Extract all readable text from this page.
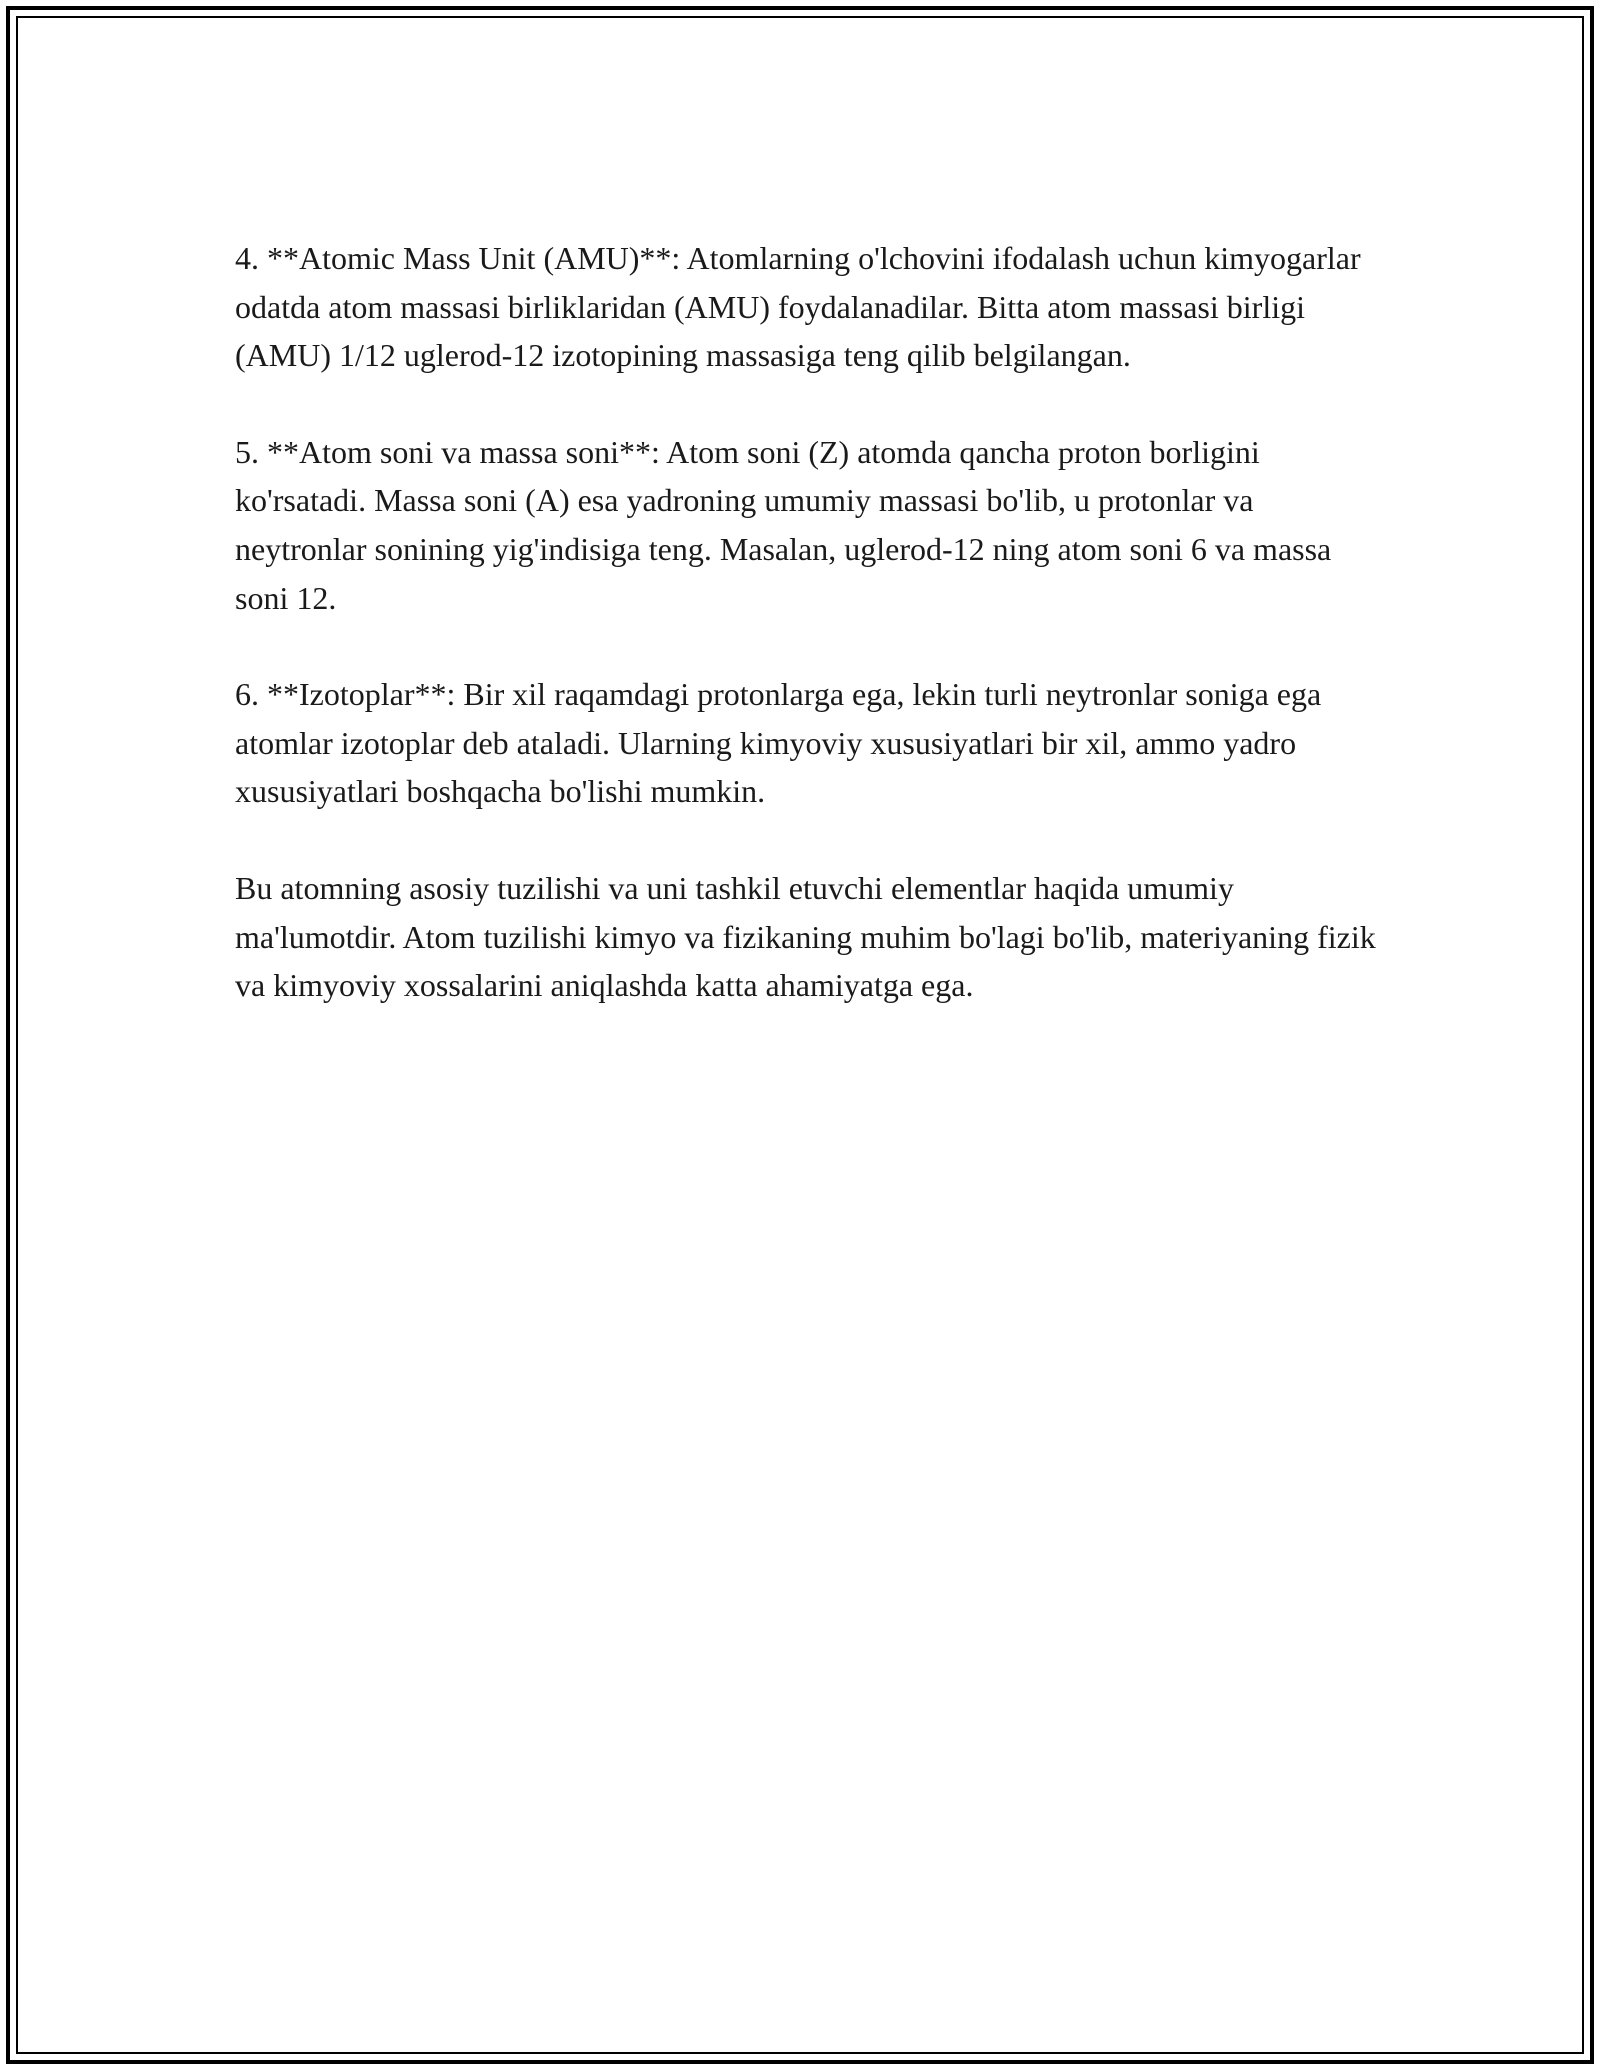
4. **Atomic Mass Unit (AMU)**: Atomlarning o'lchovini ifodalash uchun kimyogarlar odatda atom massasi birliklaridan (AMU) foydalanadilar. Bitta atom massasi birligi (AMU) 1/12 uglerod-12 izotopining massasiga teng qilib belgilangan.

5. **Atom soni va massa soni**: Atom soni (Z) atomda qancha proton borligini ko'rsatadi. Massa soni (A) esa yadroning umumiy massasi bo'lib, u protonlar va neytronlar sonining yig'indisiga teng. Masalan, uglerod-12 ning atom soni 6 va massa soni 12.

6. **Izotoplar**: Bir xil raqamdagi protonlarga ega, lekin turli neytronlar soniga ega atomlar izotoplar deb ataladi. Ularning kimyoviy xususiyatlari bir xil, ammo yadro xususiyatlari boshqacha bo'lishi mumkin.

Bu atomning asosiy tuzilishi va uni tashkil etuvchi elementlar haqida umumiy ma'lumotdir. Atom tuzilishi kimyo va fizikaning muhim bo'lagi bo'lib, materiyaning fizik va kimyoviy xossalarini aniqlashda katta ahamiyatga ega.
